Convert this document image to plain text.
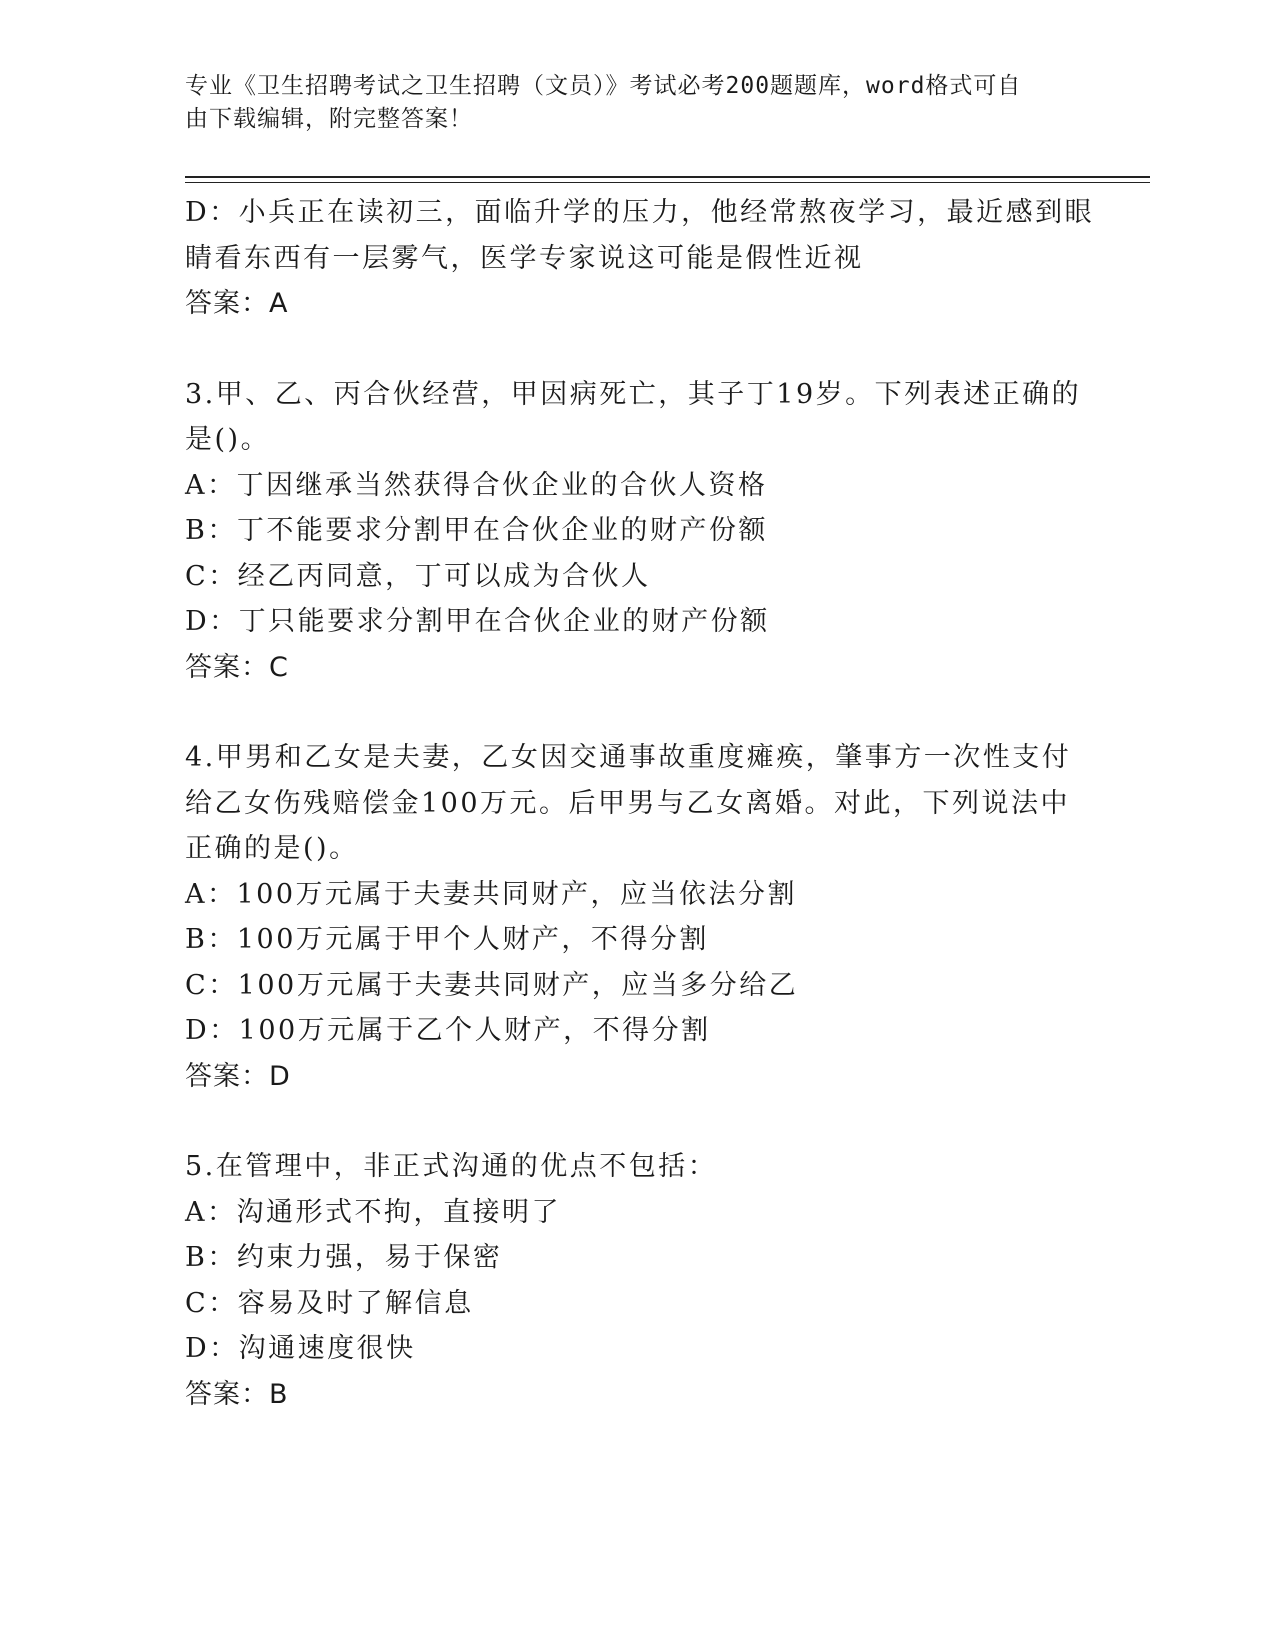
专业《卫生招聘考试之卫生招聘（文员）》考试必考200题题库，word格式可自
由下载编辑，附完整答案！
D：小兵正在读初三，面临升学的压力，他经常熬夜学习，最近感到眼
睛看东西有一层雾气，医学专家说这可能是假性近视
答案：A
3.甲、乙、丙合伙经营，甲因病死亡，其子丁19岁。下列表述正确的
是()。
A：丁因继承当然获得合伙企业的合伙人资格
B：丁不能要求分割甲在合伙企业的财产份额
C：经乙丙同意，丁可以成为合伙人
D：丁只能要求分割甲在合伙企业的财产份额
答案：C
4.甲男和乙女是夫妻，乙女因交通事故重度瘫痪，肇事方一次性支付
给乙女伤残赔偿金100万元。后甲男与乙女离婚。对此，下列说法中
正确的是()。
A：100万元属于夫妻共同财产，应当依法分割
B：100万元属于甲个人财产，不得分割
C：100万元属于夫妻共同财产，应当多分给乙
D：100万元属于乙个人财产，不得分割
答案：D
5.在管理中，非正式沟通的优点不包括：
A：沟通形式不拘，直接明了
B：约束力强，易于保密
C：容易及时了解信息
D：沟通速度很快
答案：B
